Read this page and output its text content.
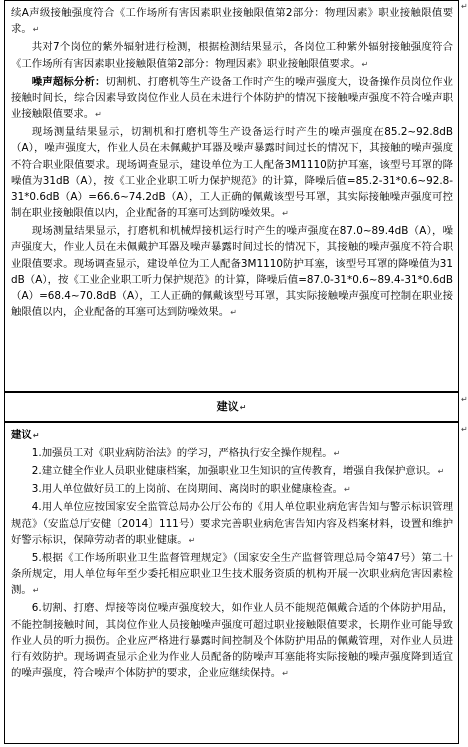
续A声级接触强度符合《工作场所有害因素职业接触限值第2部分：物理因素》职业接触限值要求。↵

共对7个岗位的紫外辐射进行检测，根据检测结果显示，各岗位工种紫外辐射接触强度符合《工作场所有害因素职业接触限值第2部分：物理因素》职业接触限值要求。↵

噪声超标分析：切割机、打磨机等生产设备工作时产生的噪声强度大，设备操作员岗位作业接触时间长，综合因素导致岗位作业人员在未进行个体防护的情况下接触噪声强度不符合噪声职业接触限值要求。↵

现场测量结果显示，切割机和打磨机等生产设备运行时产生的噪声强度在85.2~92.8dB（A），噪声强度大，作业人员在未佩戴护耳器及噪声暴露时间过长的情况下，其接触的噪声强度不符合职业限值要求。现场调查显示，建设单位为工人配备3M1110防护耳塞，该型号耳罩的降噪值为31dB（A），按《工业企业职工听力保护规范》的计算，降噪后值=85.2-31*0.6~92.8-31*0.6dB（A）=66.6~74.2dB（A），工人正确的佩戴该型号耳罩，其实际接触噪声强度可控制在职业接触限值以内，企业配备的耳塞可达到防噪效果。↵

现场测量结果显示，打磨机和机械焊接机运行时产生的噪声强度在87.0~89.4dB（A），噪声强度大，作业人员在未佩戴护耳器及噪声暴露时间过长的情况下，其接触的噪声强度不符合职业限值要求。现场调查显示，建设单位为工人配备3M1110防护耳塞，该型号耳罩的降噪值为31dB（A），按《工业企业职工听力保护规范》的计算，降噪后值=87.0-31*0.6~89.4-31*0.6dB（A）=68.4~70.8dB（A），工人正确的佩戴该型号耳罩，其实际接触噪声强度可控制在职业接触限值以内，企业配备的耳塞可达到防噪效果。↵

建议↵

建议↵

1.加强员工对《职业病防治法》的学习，严格执行安全操作规程。↵

2.建立健全作业人员职业健康档案，加强职业卫生知识的宣传教育，增强自我保护意识。↵

3.用人单位做好员工的上岗前、在岗期间、离岗时的职业健康检查。↵

4.用人单位应按国家安全监管总局办公厅公布的《用人单位职业病危害告知与警示标识管理规范》（安监总厅安健〔2014〕111号）要求完善职业病危害告知内容及档案材料，设置和维护好警示标识，保障劳动者的职业健康。↵

5.根据《工作场所职业卫生监督管理规定》（国家安全生产监督管理总局令第47号）第二十条所规定，用人单位每年至少委托相应职业卫生技术服务资质的机构开展一次职业病危害因素检测。↵

6.切割、打磨、焊接等岗位噪声强度较大，如作业人员不能规范佩戴合适的个体防护用品，不能控制接触时间，其岗位作业人员接触噪声强度可超过职业接触限值要求，长期作业可能导致作业人员的听力损伤。企业应严格进行暴露时间控制及个体防护用品的佩戴管理，对作业人员进行有效防护。现场调查显示企业为作业人员配备的防噪声耳塞能将实际接触的噪声强度降到适宜的噪声强度，符合噪声个体防护的要求，企业应继续保持。↵

↵
↵
↵
